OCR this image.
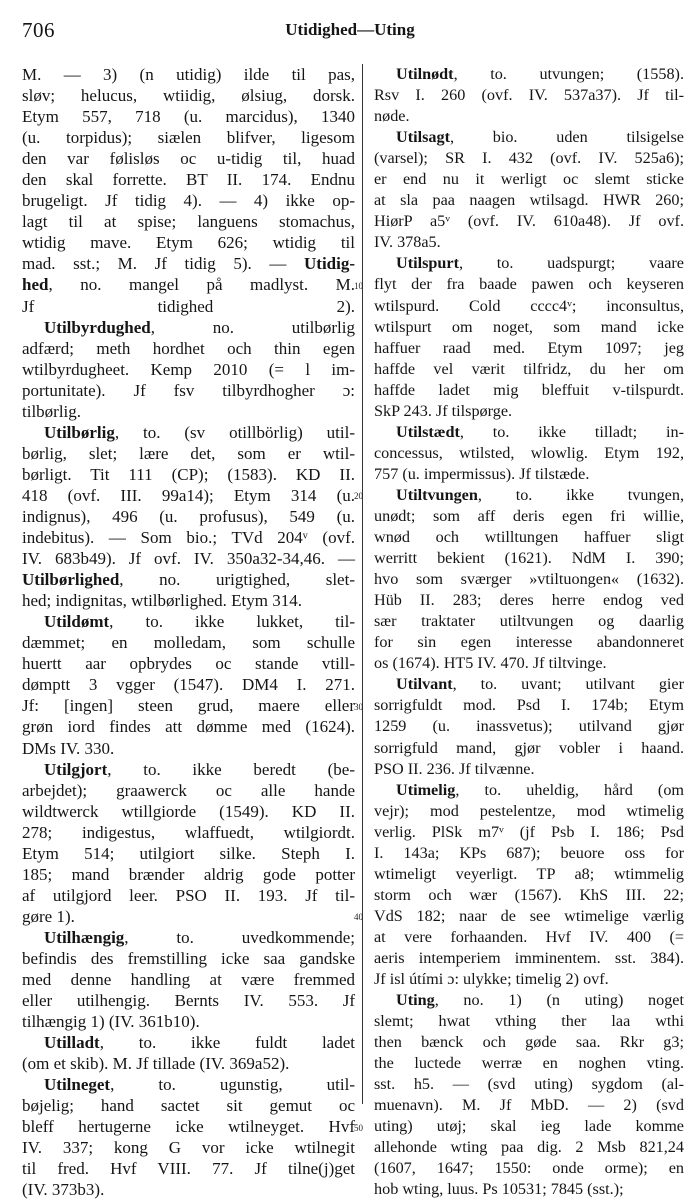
706	Utidighed—Uting
M. — 3) (n utidig) ilde til pas,
sløv; helucus, wtiidig, ølsiug, dorsk.
Etym 557, 718 (u. marcidus), 1340
(u. torpidus); siælen blifver, ligesom
den var følisløs oc u-tidig til, huad
den skal forrette. BT II. 174. Endnu
brugeligt. Jf tidig 4). — 4) ikke op-
lagt til at spise; languens stomachus,
wtidig mave. Etym 626; wtidig til
mad. sst.; M. Jf tidig 5). — Utidig-
hed, no. mangel på madlyst. M.
Jf tidighed 2).
Utilbyrdughed, no. utilbørlig
adfærd; meth hordhet och thin egen
wtilbyrdugheet. Kemp 2010 (= l im-
portunitate). Jf fsv tilbyrdhogher ɔ:
tilbørlig.
Utilbørlig, to. (sv otillbörlig) util-
børlig, slet; lære det, som er wtil-
børligt. Tit 111 (CP); (1583). KD II.
418 (ovf. III. 99a14); Etym 314 (u.
indignus), 496 (u. profusus), 549 (u.
indebitus). — Som bio.; TVd 204ᵛ (ovf.
IV. 683b49). Jf ovf. IV. 350a32-34,46. —
Utilbørlighed, no. urigtighed, slet-
hed; indignitas, wtilbørlighed. Etym 314.
Utildømt, to. ikke lukket, til-
dæmmet; en molledam, som schulle
huertt aar opbrydes oc stande vtill-
dømptt 3 vgger (1547). DM4 I. 271.
Jf: [ingen] steen grud, maere eller
grøn iord findes att dømme med (1624).
DMs IV. 330.
Utilgjort, to. ikke beredt (be-
arbejdet); graawerck oc alle hande
wildtwerck wtillgiorde (1549). KD II.
278; indigestus, wlaffuedt, wtilgiordt.
Etym 514; utilgiort silke. Steph I.
185; mand brænder aldrig gode potter
af utilgjord leer. PSO II. 193. Jf til-
gøre 1).
Utilhængig, to. uvedkommende;
befindis des fremstilling icke saa gandske
med denne handling at være fremmed
eller utilhengig. Bernts IV. 553. Jf
tilhængig 1) (IV. 361b10).
Utilladt, to. ikke fuldt ladet
(om et skib). M. Jf tillade (IV. 369a52).
Utilneget, to. ugunstig, util-
bøjelig; hand sactet sit gemut oc
bleff hertugerne icke wtilneyget. Hvf
IV. 337; kong G vor icke wtilnegit
til fred. Hvf VIII. 77. Jf tilne(j)get
(IV. 373b3).
Utilnødt, to. utvungen; (1558).
Rsv I. 260 (ovf. IV. 537a37). Jf til-
nøde.
Utilsagt, bio. uden tilsigelse
(varsel); SR I. 432 (ovf. IV. 525a6);
er end nu it werligt oc slemt sticke
at sla paa naagen wtilsagd. HWR 260;
HiørP a5ᵛ (ovf. IV. 610a48). Jf ovf.
IV. 378a5.
Utilspurt, to. uadspurgt; vaare
flyt der fra baade pawen och keyseren
wtilspurd. Cold cccc4ᵛ; inconsultus,
wtilspurt om noget, som mand icke
haffuer raad med. Etym 1097; jeg
haffde vel værit tilfridz, du her om
haffde ladet mig bleffuit v-tilspurdt.
SkP 243. Jf tilspørge.
Utilstædt, to. ikke tilladt; in-
concessus, wtilsted, wlowlig. Etym 192,
757 (u. impermissus). Jf tilstæde.
Utiltvungen, to. ikke tvungen,
unødt; som aff deris egen fri willie,
wnød och wtilltungen haffuer sligt
werritt bekient (1621). NdM I. 390;
hvo som sværger »vtiltuongen« (1632).
Hüb II. 283; deres herre endog ved
sær traktater utiltvungen og daarlig
for sin egen interesse abandonneret
os (1674). HT5 IV. 470. Jf tiltvinge.
Utilvant, to. uvant; utilvant gier
sorrigfuldt mod. Psd I. 174b; Etym
1259 (u. inassvetus); utilvand gjør
sorrigfuld mand, gjør vobler i haand.
PSO II. 236. Jf tilvænne.
Utimelig, to. uheldig, hård (om
vejr); mod pestelentze, mod wtimelig
verlig. PlSk m7ᵛ (jf Psb I. 186; Psd
I. 143a; KPs 687); beuore oss for
wtimeligt veyerligt. TP a8; wtimmelig
storm och wær (1567). KhS III. 22;
VdS 182; naar de see wtimelige værlig
at vere forhaanden. Hvf IV. 400 (=
aeris intemperiem imminentem. sst. 384).
Jf isl útími ɔ: ulykke; timelig 2) ovf.
Uting, no. 1) (n uting) noget
slemt; hwat vthing ther laa wthi
then bænck och gøde saa. Rkr g3;
the luctede werræ en noghen vting.
sst. h5. — (svd uting) sygdom (al-
muenavn). M. Jf MbD. — 2) (svd
uting) utøj; skal ieg lade komme
allehonde wting paa dig. 2 Msb 821,24
(1607, 1647; 1550: onde orme); en
hob wting, luus. Ps 10531; 7845 (sst.);
10
20
30
40
50
